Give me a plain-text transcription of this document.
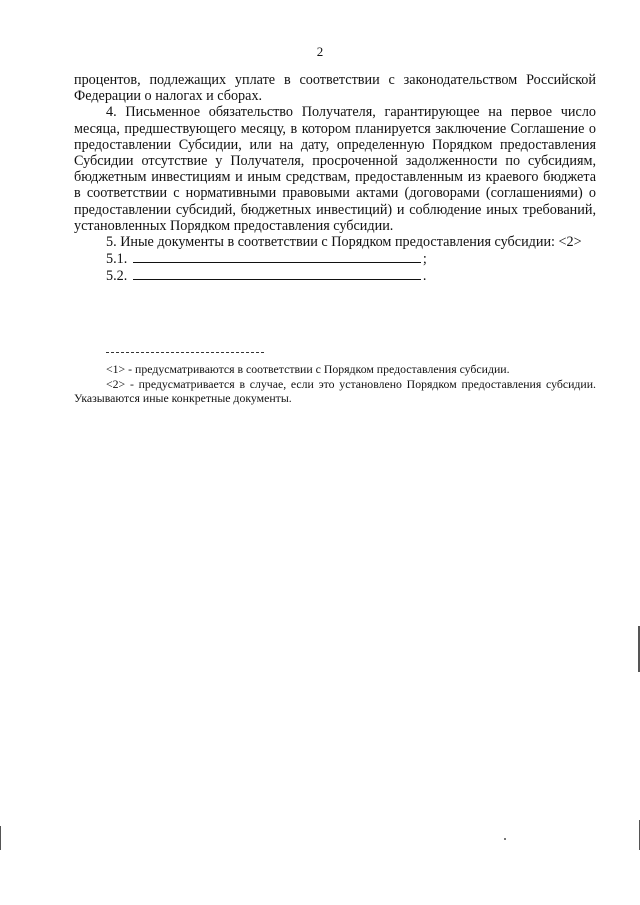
2

процентов, подлежащих уплате в соответствии с законодательством Российской Федерации о налогах и сборах.

4. Письменное обязательство Получателя, гарантирующее на первое число месяца, предшествующего месяцу, в котором планируется заключение Соглашение о предоставлении Субсидии, или на дату, определенную Порядком предоставления Субсидии отсутствие у Получателя, просроченной задолженности по субсидиям, бюджетным инвестициям и иным средствам, предоставленным из краевого бюджета в соответствии с нормативными правовыми актами (договорами (соглашениями) о предоставлении субсидий, бюджетных инвестиций) и соблюдение иных требований, установленных Порядком предоставления субсидии.

5. Иные документы в соответствии с Порядком предоставления субсидии: <2>

5.1.	;

5.2.	.

<1> - предусматриваются в соответствии с Порядком предоставления субсидии.

<2> - предусматривается в случае, если это установлено Порядком предоставления субсидии. Указываются иные конкретные документы.
